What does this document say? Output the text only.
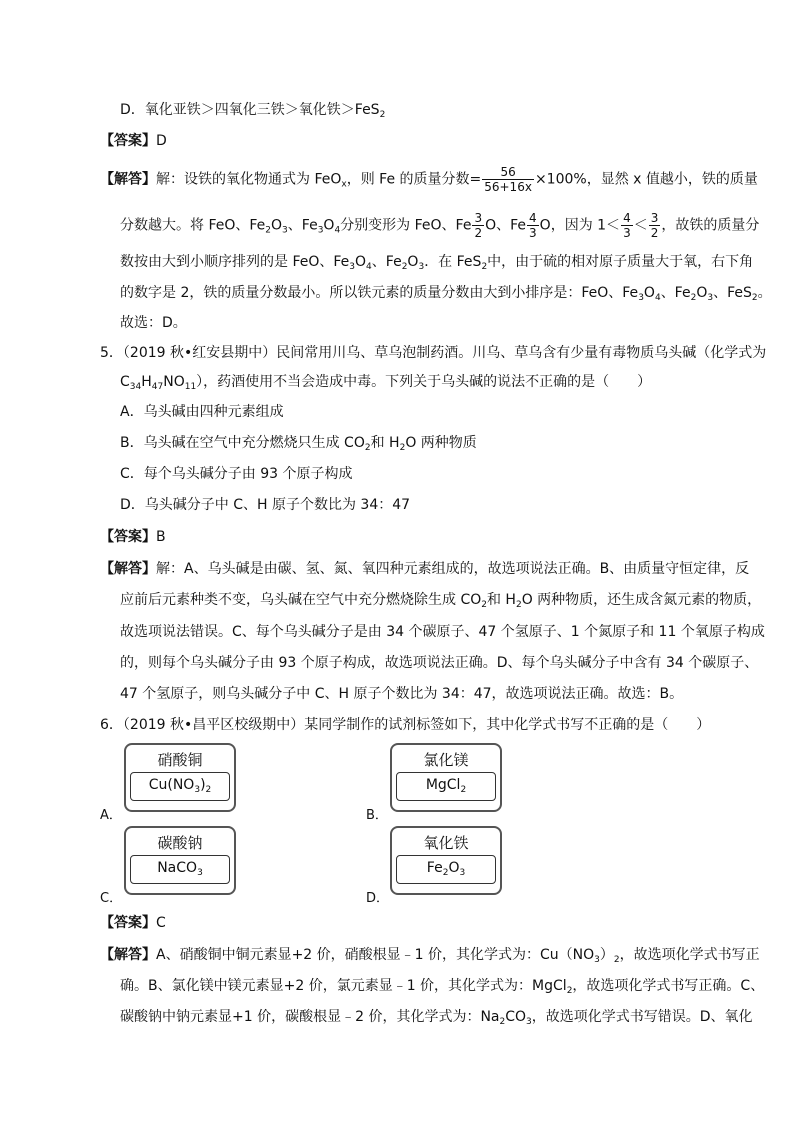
D．氧化亚铁＞四氧化三铁＞氧化铁＞FeS$_2$
【答案】D
【解答】解：设铁的氧化物通式为 FeO$_x$，则 Fe 的质量分数= $\frac{56}{56+16x} \times 100\%$，显然 x 值越小，铁的质量
分数越大。将 FeO、$Fe_2O_3$、$Fe_3O_4$分别变形为 FeO、Fe $\frac{3}{2}$ O、Fe $\frac{4}{3}$ O，因为 $1< \frac{4}{3} < \frac{3}{2}$ ，故铁的质量分
数按由大到小顺序排列的是 FeO、$Fe_3O_4$、$Fe_2O_3$．在 FeS$_2$中，由于硫的相对原子质量大于氧，右下角
的数字是 2，铁的质量分数最小。所以铁元素的质量分数由大到小排序是：FeO、$Fe_3O_4$、$Fe_2O_3$、FeS$_2$。
故选：D。
5．（2019 秋•红安县期中）民间常用川乌、草乌泡制药酒。川乌、草乌含有少量有毒物质乌头碱（化学式为
$C_{34}H_{47}NO_{11}$），药酒使用不当会造成中毒。下列关于乌头碱的说法不正确的是（　　）
A．乌头碱由四种元素组成
B．乌头碱在空气中充分燃烧只生成 $CO_2$和 $H_2O$ 两种物质
C．每个乌头碱分子由 93 个原子构成
D．乌头碱分子中 C、H 原子个数比为 34：47
【答案】B
【解答】解：A、乌头碱是由碳、氢、氮、氧四种元素组成的，故选项说法正确。B、由质量守恒定律，反
应前后元素种类不变，乌头碱在空气中充分燃烧除生成 $CO_2$和 $H_2O$ 两种物质，还生成含氮元素的物质，
故选项说法错误。C、每个乌头碱分子是由 34 个碳原子、47 个氢原子、1 个氮原子和 11 个氧原子构成
的，则每个乌头碱分子由 93 个原子构成，故选项说法正确。D、每个乌头碱分子中含有 34 个碳原子、
47 个氢原子，则乌头碱分子中 C、H 原子个数比为 34：47，故选项说法正确。故选：B。
6．（2019 秋•昌平区校级期中）某同学制作的试剂标签如下，其中化学式书写不正确的是（　　）
A．
硝酸铜
$Cu(NO_3)_2$
B．
氯化镁
MgCl$_2$
C．
碳酸钠
NaCO$_3$
D．
氧化铁
$Fe_2O_3$
【答案】C
【解答】A、硝酸铜中铜元素显+2 价，硝酸根显﹣1 价，其化学式为：$Cu(NO_3)_2$，故选项化学式书写正
确。B、氯化镁中镁元素显+2 价，氯元素显﹣1 价，其化学式为：MgCl$_2$，故选项化学式书写正确。C、
碳酸钠中钠元素显+1 价，碳酸根显﹣2 价，其化学式为：$Na_2CO_3$，故选项化学式书写错误。D、氧化
